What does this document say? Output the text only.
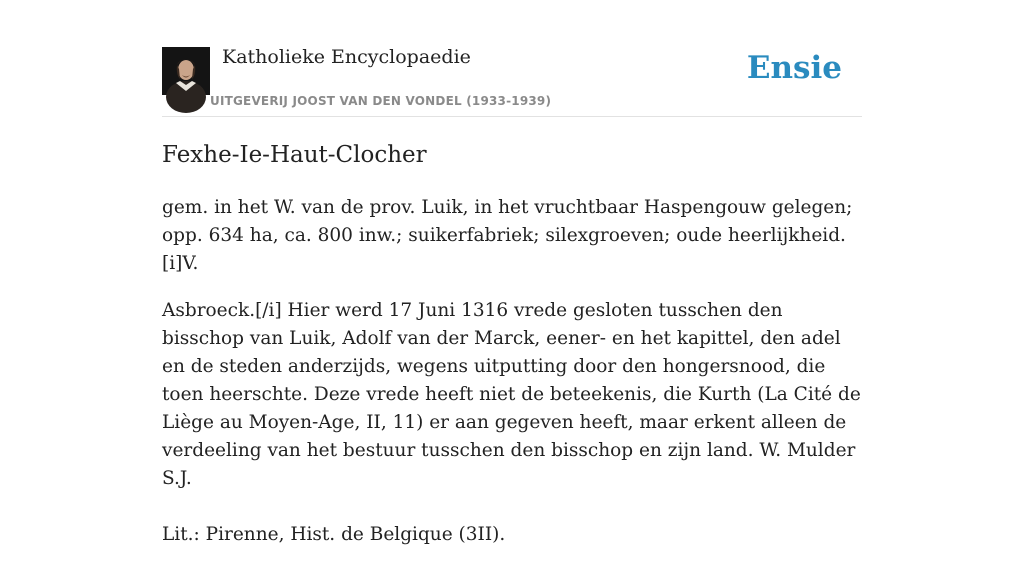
Katholieke Encyclopaedie
UITGEVERIJ JOOST VAN DEN VONDEL (1933-1939)
Ensie
Fexhe-Ie-Haut-Clocher

gem. in het W. van de prov. Luik, in het vruchtbaar Haspengouw gelegen; opp. 634 ha, ca. 800 inw.; suikerfabriek; silexgroeven; oude heerlijkheid. [i]V.

Asbroeck.[/i] Hier werd 17 Juni 1316 vrede gesloten tusschen den bisschop van Luik, Adolf van der Marck, eener- en het kapittel, den adel en de steden anderzijds, wegens uitputting door den hongersnood, die toen heerschte. Deze vrede heeft niet de beteekenis, die Kurth (La Cité de Liège au Moyen-Age, II, 11) er aan gegeven heeft, maar erkent alleen de verdeeling van het bestuur tusschen den bisschop en zijn land. W. Mulder S.J.

Lit.: Pirenne, Hist. de Belgique (3II).
